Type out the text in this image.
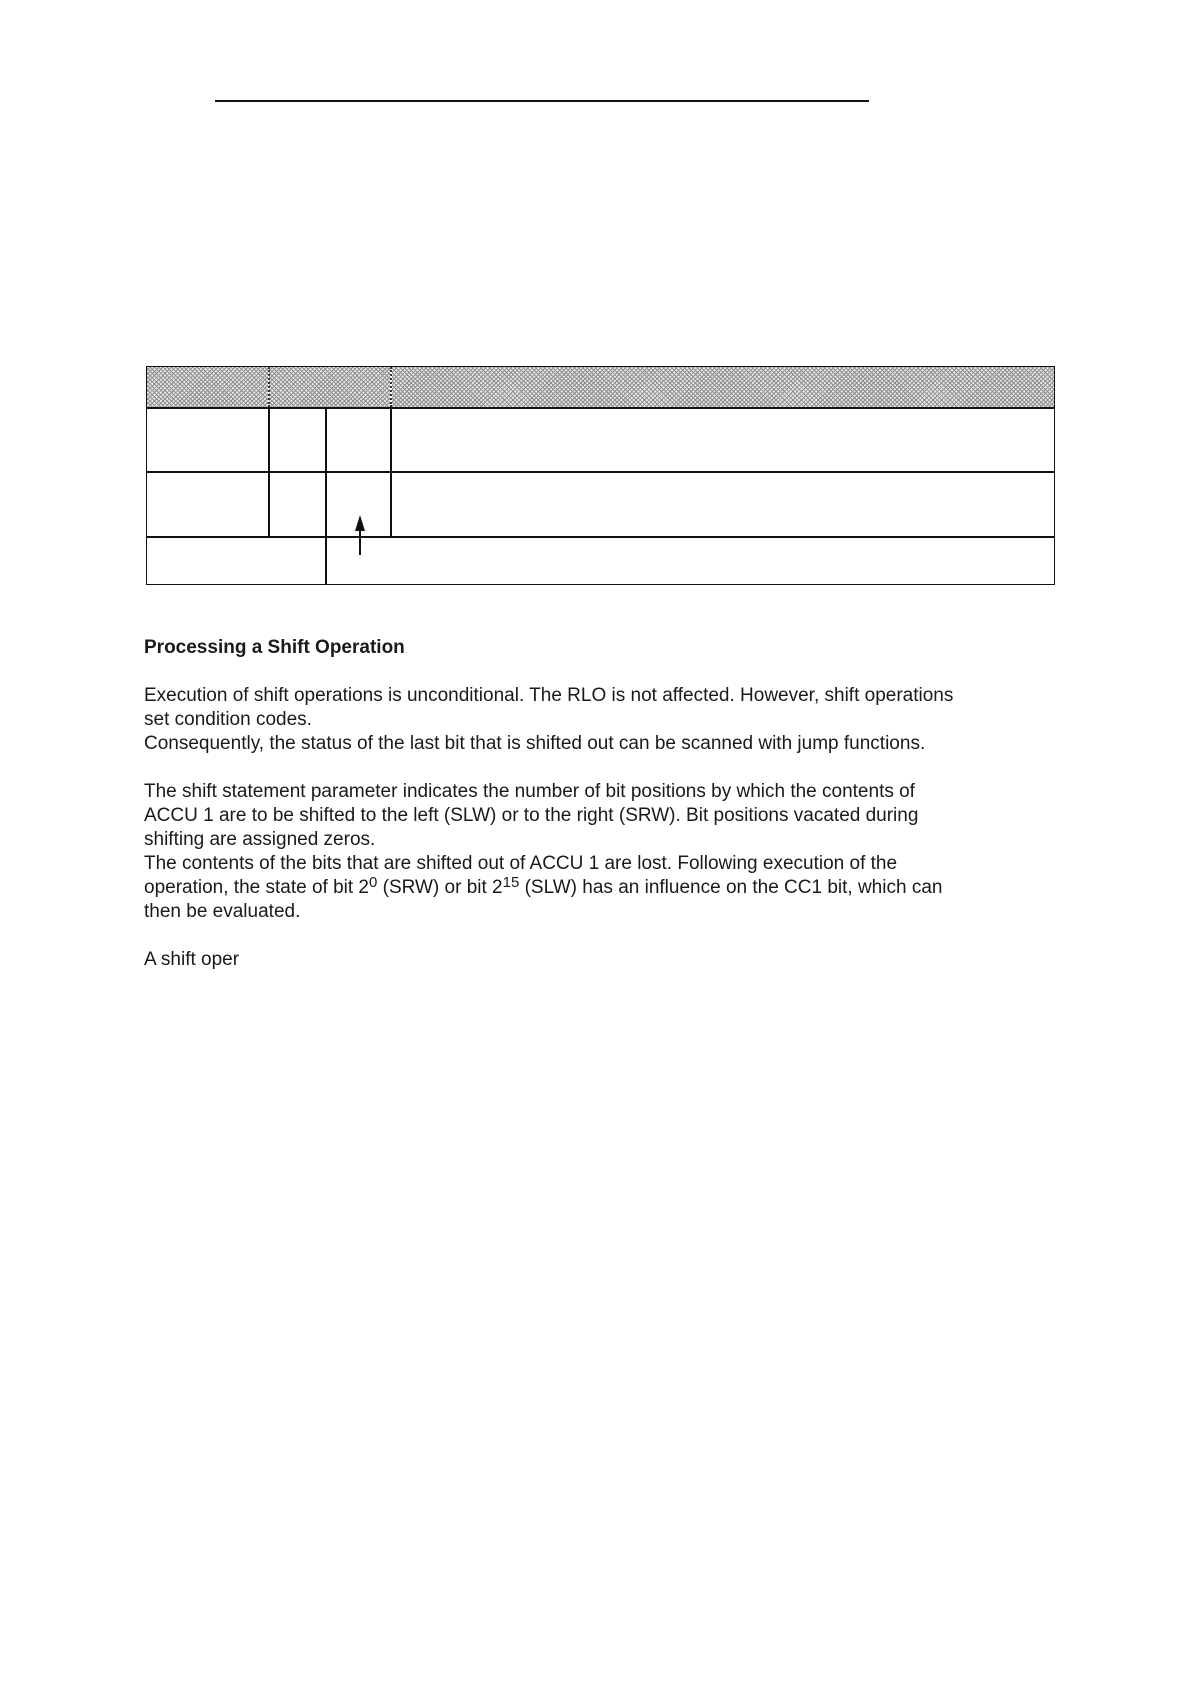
Processing a Shift Operation

Execution of shift operations is unconditional. The RLO is not affected. However, shift operations
set condition codes.
Consequently, the status of the last bit that is shifted out can be scanned with jump functions.

The shift statement parameter indicates the number of bit positions by which the contents of
ACCU 1 are to be shifted to the left (SLW) or to the right (SRW). Bit positions vacated during
shifting are assigned zeros.
The contents of the bits that are shifted out of ACCU 1 are lost. Following execution of the
operation, the state of bit $2^0$ (SRW) or bit $2^{15}$ (SLW) has an influence on the CC1 bit, which can
then be evaluated.

A shift oper
